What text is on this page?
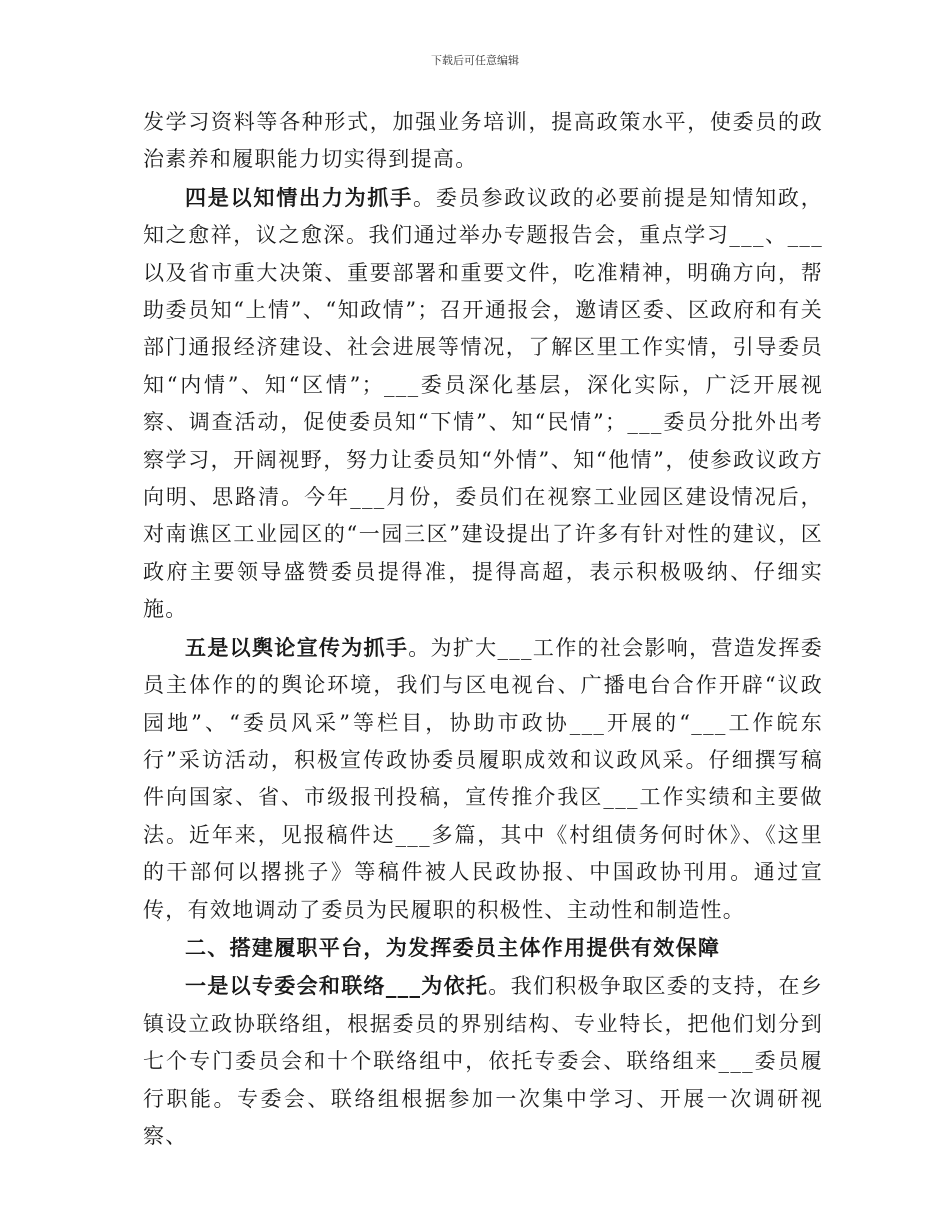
下载后可任意编辑

发学习资料等各种形式，加强业务培训，提高政策水平，使委员的政治素养和履职能力切实得到提高。

四是以知情出力为抓手。委员参政议政的必要前提是知情知政，知之愈祥，议之愈深。我们通过举办专题报告会，重点学习___、___以及省市重大决策、重要部署和重要文件，吃准精神，明确方向，帮助委员知“上情”、“知政情”；召开通报会，邀请区委、区政府和有关部门通报经济建设、社会进展等情况，了解区里工作实情，引导委员知“内情”、知“区情”；___委员深化基层，深化实际，广泛开展视察、调查活动，促使委员知“下情”、知“民情”；___委员分批外出考察学习，开阔视野，努力让委员知“外情”、知“他情”，使参政议政方向明、思路清。今年___月份，委员们在视察工业园区建设情况后，对南谯区工业园区的“一园三区”建设提出了许多有针对性的建议，区政府主要领导盛赞委员提得准，提得高超，表示积极吸纳、仔细实施。

五是以舆论宣传为抓手。为扩大___工作的社会影响，营造发挥委员主体作的的舆论环境，我们与区电视台、广播电台合作开辟“议政园地”、“委员风采”等栏目，协助市政协___开展的“___工作皖东行”采访活动，积极宣传政协委员履职成效和议政风采。仔细撰写稿件向国家、省、市级报刊投稿，宣传推介我区___工作实绩和主要做法。近年来，见报稿件达___多篇，其中《村组债务何时休》、《这里的干部何以撂挑子》等稿件被人民政协报、中国政协刊用。通过宣传，有效地调动了委员为民履职的积极性、主动性和制造性。

二、搭建履职平台，为发挥委员主体作用提供有效保障

一是以专委会和联络___为依托。我们积极争取区委的支持，在乡镇设立政协联络组，根据委员的界别结构、专业特长，把他们划分到七个专门委员会和十个联络组中，依托专委会、联络组来___委员履行职能。专委会、联络组根据参加一次集中学习、开展一次调研视察、
